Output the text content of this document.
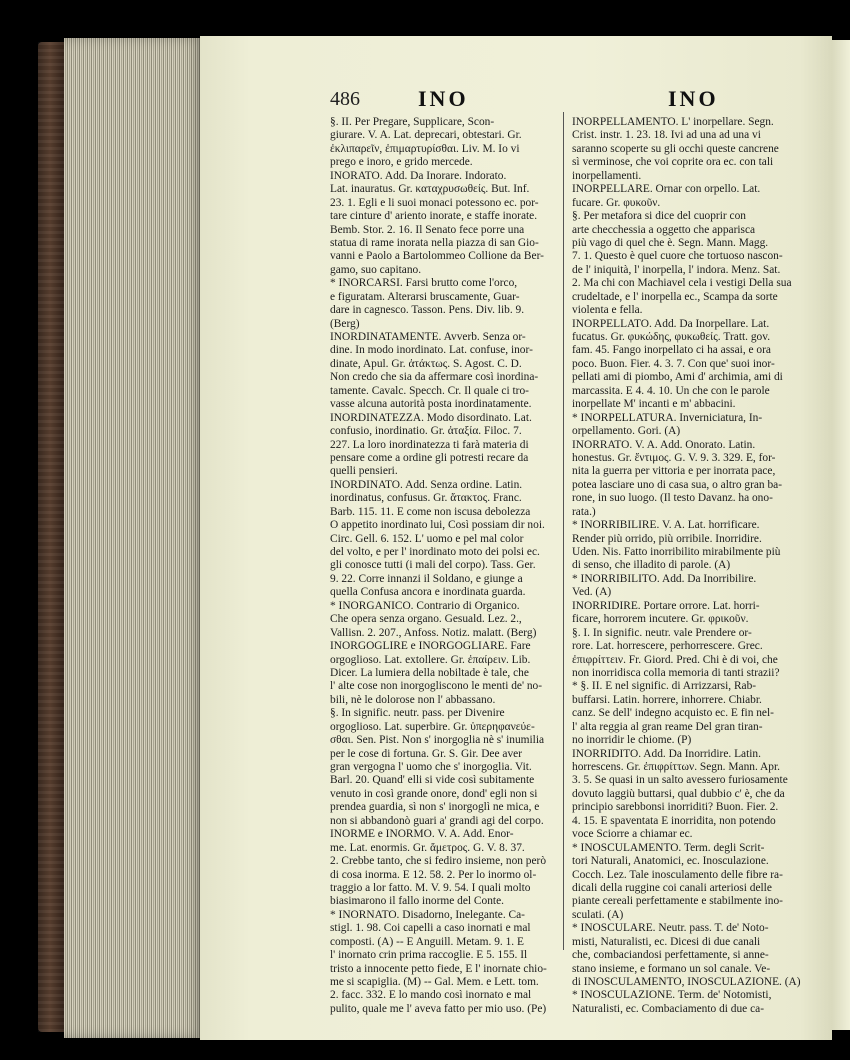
486	INO	INO
§. II. Per Pregare, Supplicare, Scon-
giurare. V. A. Lat. deprecari, obtestari. Gr.
ἐκλιπαρεῖν, ἐπιμαρτυρίσθαι. Liv. M. Io vi
prego e inoro, e grido mercede.
INORATO. Add. Da Inorare. Indorato.
Lat. inauratus. Gr. καταχρυσωθείς. But. Inf.
23. 1. Egli e li suoi monaci potessono ec. por-
tare cinture d' ariento inorate, e staffe inorate.
Bemb. Stor. 2. 16. Il Senato fece porre una
statua di rame inorata nella piazza di san Gio-
vanni e Paolo a Bartolommeo Collione da Ber-
gamo, suo capitano.
* INORCARSI. Farsi brutto come l'orco,
e figuratam. Alterarsi bruscamente, Guar-
dare in cagnesco. Tasson. Pens. Div. lib. 9.
(Berg)
INORDINATAMENTE. Avverb. Senza or-
dine. In modo inordinato. Lat. confuse, inor-
dinate, Apul. Gr. ἀτάκτως. S. Agost. C. D.
Non credo che sia da affermare così inordina-
tamente. Cavalc. Specch. Cr. Il quale ci tro-
vasse alcuna autorità posta inordinatamente.
INORDINATEZZA. Modo disordinato. Lat.
confusio, inordinatio. Gr. ἀταξία. Filoc. 7.
227. La loro inordinatezza ti farà materia di
pensare come a ordine gli potresti recare da
quelli pensieri.
INORDINATO. Add. Senza ordine. Latin.
inordinatus, confusus. Gr. ἄτακτος. Franc.
Barb. 115. 11. E come non iscusa debolezza
O appetito inordinato lui, Così possiam dir noi.
Circ. Gell. 6. 152. L' uomo e pel mal color
del volto, e per l' inordinato moto dei polsi ec.
gli conosce tutti (i mali del corpo). Tass. Ger.
9. 22. Corre innanzi il Soldano, e giunge a
quella Confusa ancora e inordinata guarda.
* INORGANICO. Contrario di Organico.
Che opera senza organo. Gesuald. Lez. 2.,
Vallisn. 2. 207., Anfoss. Notiz. malatt. (Berg)
INORGOGLIRE e INORGOGLIARE. Fare
orgoglioso. Lat. extollere. Gr. ἐπαίρειν. Lib.
Dicer. La lumiera della nobiltade è tale, che
l' alte cose non inorgogliscono le menti de' no-
bili, nè le dolorose non l' abbassano.
§. In signific. neutr. pass. per Divenire
orgoglioso. Lat. superbire. Gr. ὑπερηφανεύε-
σθαι. Sen. Pist. Non s' inorgoglia nè s' inumilia
per le cose di fortuna. Gr. S. Gir. Dee aver
gran vergogna l' uomo che s' inorgoglia. Vit.
Barl. 20. Quand' elli si vide così subitamente
venuto in così grande onore, dond' egli non si
prendea guardia, sì non s' inorgoglì ne mica, e
non si abbandonò guari a' grandi agi del corpo.
INORME e INORMO. V. A. Add. Enor-
me. Lat. enormis. Gr. ἄμετρος. G. V. 8. 37.
2. Crebbe tanto, che si fediro insieme, non però
di cosa inorma. E 12. 58. 2. Per lo inormo ol-
traggio a lor fatto. M. V. 9. 54. I quali molto
biasimarono il fallo inorme del Conte.
* INORNATO. Disadorno, Inelegante. Ca-
stigl. 1. 98. Coi capelli a caso inornati e mal
composti. (A) -- E Anguill. Metam. 9. 1. E
l' inornato crin prima raccoglie. E 5. 155. Il
tristo a innocente petto fiede, E l' inornate chio-
me si scapiglia. (M) -- Gal. Mem. e Lett. tom.
2. facc. 332. E lo mando così inornato e mal
pulito, quale me l' aveva fatto per mio uso. (Pe)
INORPELLAMENTO. L' inorpellare. Segn.
Crist. instr. 1. 23. 18. Ivi ad una ad una vi
saranno scoperte su gli occhi queste cancrene
sì verminose, che voi coprite ora ec. con tali
inorpellamenti.
INORPELLARE. Ornar con orpello. Lat.
fucare. Gr. φυκοῦν.
§. Per metafora si dice del cuoprir con
arte checchessia a oggetto che apparisca
più vago di quel che è. Segn. Mann. Magg.
7. 1. Questo è quel cuore che tortuoso nascon-
de l' iniquità, l' inorpella, l' indora. Menz. Sat.
2. Ma chi con Machiavel cela i vestigi Della sua
crudeltade, e l' inorpella ec., Scampa da sorte
violenta e fella.
INORPELLATO. Add. Da Inorpellare. Lat.
fucatus. Gr. φυκώδης, φυκωθείς. Tratt. gov.
fam. 45. Fango inorpellato ci ha assai, e ora
poco. Buon. Fier. 4. 3. 7. Con que' suoi inor-
pellati ami di piombo, Ami d' archimia, ami di
marcassita. E 4. 4. 10. Un che con le parole
inorpellate M' incanti e m' abbacini.
* INORPELLATURA. Inverniciatura, In-
orpellamento. Gori. (A)
INORRATO. V. A. Add. Onorato. Latin.
honestus. Gr. ἔντιμος. G. V. 9. 3. 329. E, for-
nita la guerra per vittoria e per inorrata pace,
potea lasciare uno di casa sua, o altro gran ba-
rone, in suo luogo. (Il testo Davanz. ha ono-
rata.)
* INORRIBILIRE. V. A. Lat. horrificare.
Render più orrido, più orribile. Inorridire.
Uden. Nis. Fatto inorribilito mirabilmente più
di senso, che illadito di parole. (A)
* INORRIBILITO. Add. Da Inorribilire.
Ved. (A)
INORRIDIRE. Portare orrore. Lat. horri-
ficare, horrorem incutere. Gr. φρικοῦν.
§. I. In signific. neutr. vale Prendere or-
rore. Lat. horrescere, perhorrescere. Grec.
ἐπιφρίττειν. Fr. Giord. Pred. Chi è di voi, che
non inorridisca colla memoria di tanti strazii?
* §. II. E nel signific. di Arrizzarsi, Rab-
buffarsi. Latin. horrere, inhorrere. Chiabr.
canz. Se dell' indegno acquisto ec. E fin nel-
l' alta reggia al gran reame Del gran tiran-
no inorridir le chiome. (P)
INORRIDITO. Add. Da Inorridire. Latin.
horrescens. Gr. ἐπιφρίττων. Segn. Mann. Apr.
3. 5. Se quasi in un salto avessero furiosamente
dovuto laggiù buttarsi, qual dubbio c' è, che da
principio sarebbonsi inorriditi? Buon. Fier. 2.
4. 15. E spaventata E inorridita, non potendo
voce Sciorre a chiamar ec.
* INOSCULAMENTO. Term. degli Scrit-
tori Naturali, Anatomici, ec. Inosculazione.
Cocch. Lez. Tale inosculamento delle fibre ra-
dicali della ruggine coi canali arteriosi delle
piante cereali perfettamente e stabilmente ino-
sculati. (A)
* INOSCULARE. Neutr. pass. T. de' Noto-
misti, Naturalisti, ec. Dicesi di due canali
che, combaciandosi perfettamente, si anne-
stano insieme, e formano un sol canale. Ve-
di INOSCULAMENTO, INOSCULAZIONE. (A)
* INOSCULAZIONE. Term. de' Notomisti,
Naturalisti, ec. Combaciamento di due ca-
